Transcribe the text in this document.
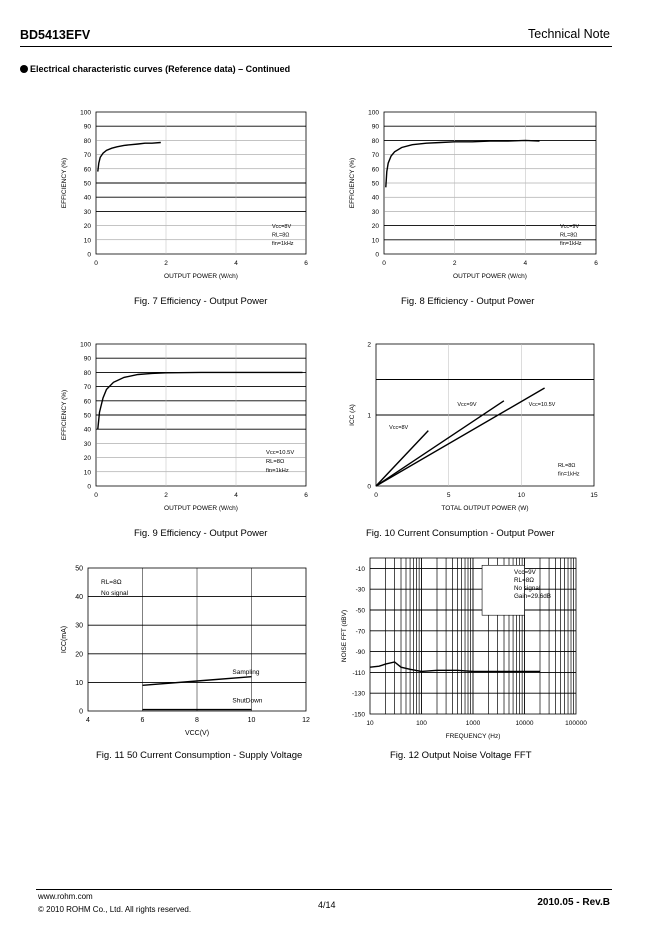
BD5413EFV	Technical Note
Electrical characteristic curves (Reference data) – Continued
0
10
20
30
40
50
60
70
80
90
100
0	2	4	6
OUTPUT POWER (W/ch)
EFFICIENCY (%)
Vcc=8V
RL=8Ω
fin=1kHz
0
10
20
30
40
50
60
70
80
90
100
0	2	4	6
OUTPUT POWER (W/ch)
EFFICIENCY (%)
Vcc=9V
RL=8Ω
fin=1kHz
0
10
20
30
40
50
60
70
80
90
100
0	2	4	6
OUTPUT POWER (W/ch)
EFFICIENCY (%)
Vcc=10.5V
RL=8Ω
fin=1kHz
0
1
2
0	5	10	15
TOTAL OUTPUT POWER (W)
ICC (A)
Vcc=8V
Vcc=9V	Vcc=10.5V
RL=8Ω
fin=1kHz
0
10
20
30
40
50
4	6	8	10	12
VCC(V)
ICC(mA)
Sampling
ShutDown
RL=8Ω
No signal
-10
-30
-50
-70
-90
-110
-130
-150
10	100	1000	10000	100000
FREQUENCY (Hz)
NOISE FFT (dBV)
Vcc=9V
RL=8Ω
No signal
Gain=29.6dB
Fig. 7 Efficiency - Output Power	Fig. 8 Efficiency - Output Power
Fig. 9 Efficiency - Output Power	Fig. 10 Current Consumption - Output Power
Fig. 11 50 Current Consumption - Supply Voltage	Fig. 12 Output Noise Voltage FFT
www.rohm.com
© 2010 ROHM Co., Ltd. All rights reserved.	4/14	2010.05 - Rev.B
